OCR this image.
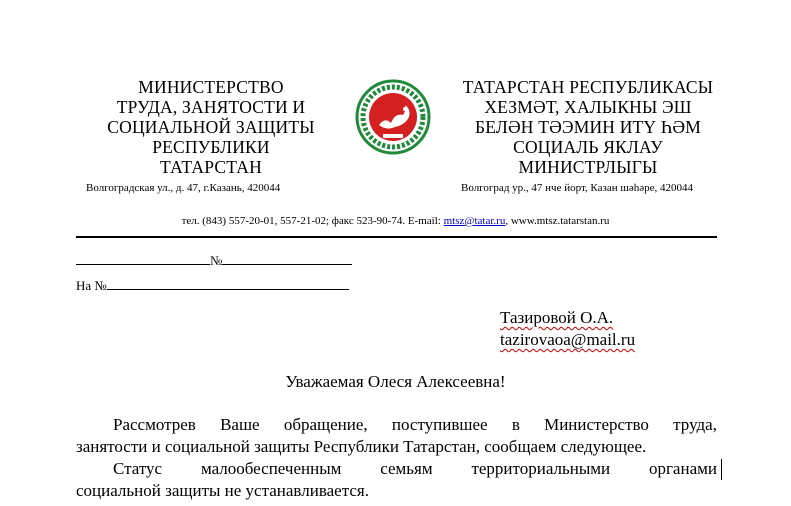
МИНИСТЕРСТВО
ТРУДА, ЗАНЯТОСТИ И
СОЦИАЛЬНОЙ ЗАЩИТЫ
РЕСПУБЛИКИ
ТАТАРСТАН
ТАТАРСТАН РЕСПУБЛИКАСЫ
ХЕЗМӘТ, ХАЛЫКНЫ ЭШ
БЕЛӘН ТӘЭМИН ИТҮ ҺӘМ
СОЦИАЛЬ ЯКЛАУ
МИНИСТРЛЫГЫ
Волгоградская ул., д. 47, г.Казань, 420044	Волгоград ур., 47 нче йорт, Казан шәһәре, 420044
тел. (843) 557-20-01, 557-21-02; факс 523-90-74. E-mail: mtsz@tatar.ru, www.mtsz.tatarstan.ru
№
На №
Тазировой О.А.
tazirovaoa@mail.ru
Уважаемая Олеся Алексеевна!
Рассмотрев Ваше обращение, поступившее в Министерство труда,
занятости и социальной защиты Республики Татарстан, сообщаем следующее.
Статус малообеспеченным семьям территориальными органами
социальной защиты не устанавливается.
